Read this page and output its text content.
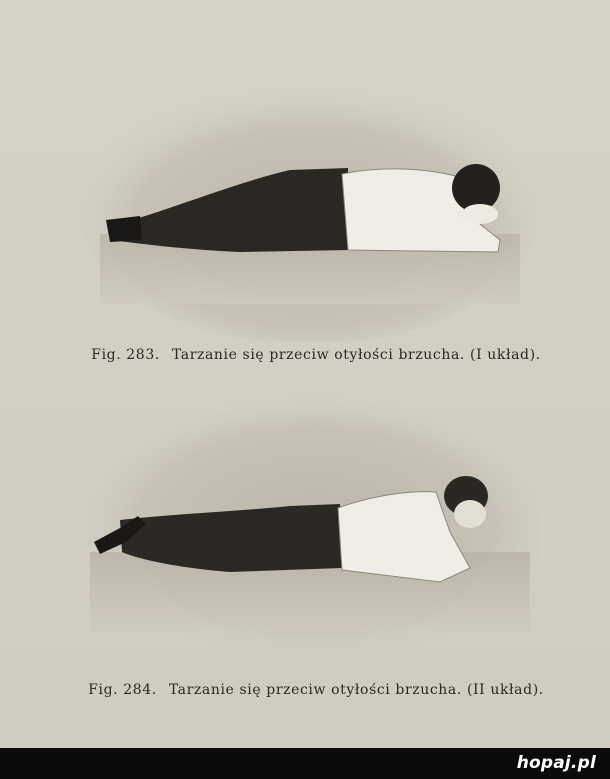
Fig. 283. Tarzanie się przeciw otyłości brzucha. (I układ).
Fig. 284. Tarzanie się przeciw otyłości brzucha. (II układ).
hopaj.pl
